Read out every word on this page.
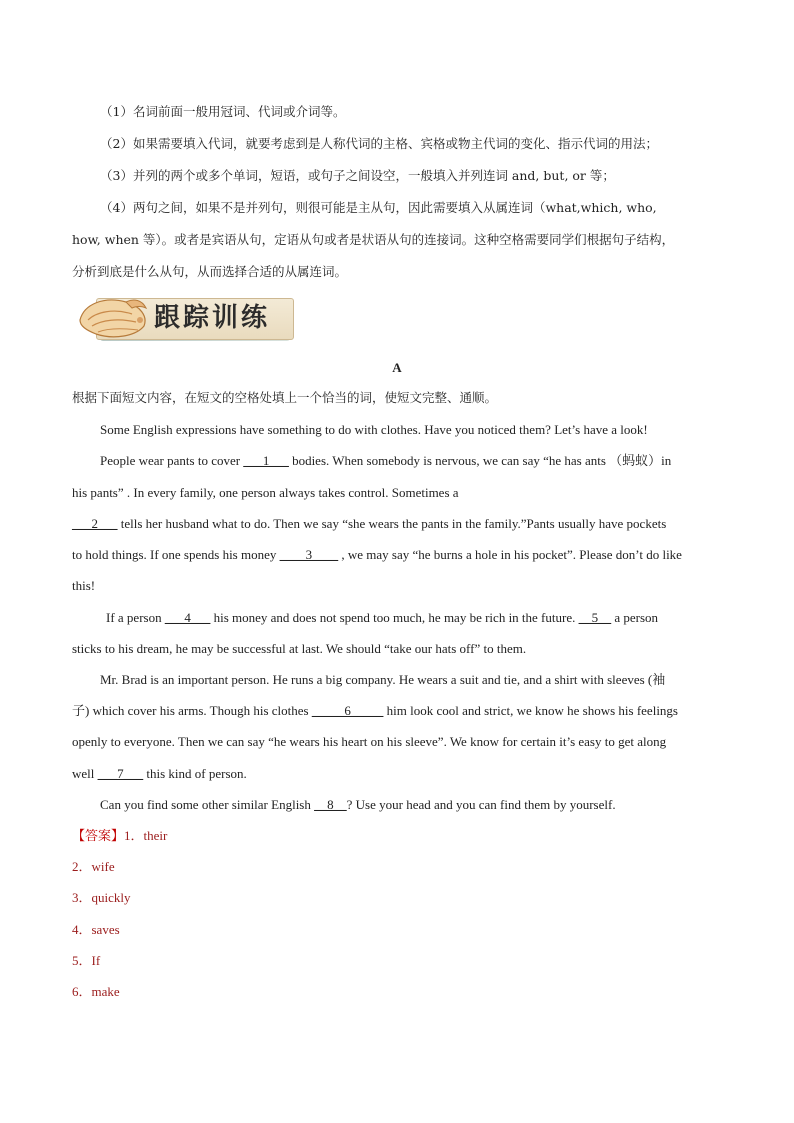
（1）名词前面一般用冠词、代词或介词等。
（2）如果需要填入代词，就要考虑到是人称代词的主格、宾格或物主代词的变化、指示代词的用法；
（3）并列的两个或多个单词，短语，或句子之间设空，一般填入并列连词 and, but, or 等；
（4）两句之间，如果不是并列句，则很可能是主从句，因此需要填入从属连词（what,which, who,
how, when 等）。或者是宾语从句，定语从句或者是状语从句的连接词。这种空格需要同学们根据句子结构，
分析到底是什么从句，从而选择合适的从属连词。
跟踪训练
A
根据下面短文内容，在短文的空格处填上一个恰当的词，使短文完整、通顺。
Some English expressions have something to do with clothes. Have you noticed them? Let’s have a look!
People wear pants to cover ___1___ bodies. When somebody is nervous, we can say “he has ants （蚂蚁）in
his pants” . In every family, one person always takes control. Sometimes a
___2___ tells her husband what to do. Then we say “she wears the pants in the family.”Pants usually have pockets
to hold things. If one spends his money ____3____ , we may say “he burns a hole in his pocket”. Please don’t do like
this!
If a person ___4___ his money and does not spend too much, he may be rich in the future. __5__ a person
sticks to his dream, he may be successful at last. We should “take our hats off” to them.
Mr. Brad is an important person. He runs a big company. He wears a suit and tie, and a shirt with sleeves (袖
子) which cover his arms. Though his clothes _____6_____ him look cool and strict, we know he shows his feelings
openly to everyone. Then we can say “he wears his heart on his sleeve”. We know for certain it’s easy to get along
well ___7___ this kind of person.
Can you find some other similar English __8__? Use your head and you can find them by yourself.
【答案】1．their
2．wife
3．quickly
4．saves
5．If
6．make
